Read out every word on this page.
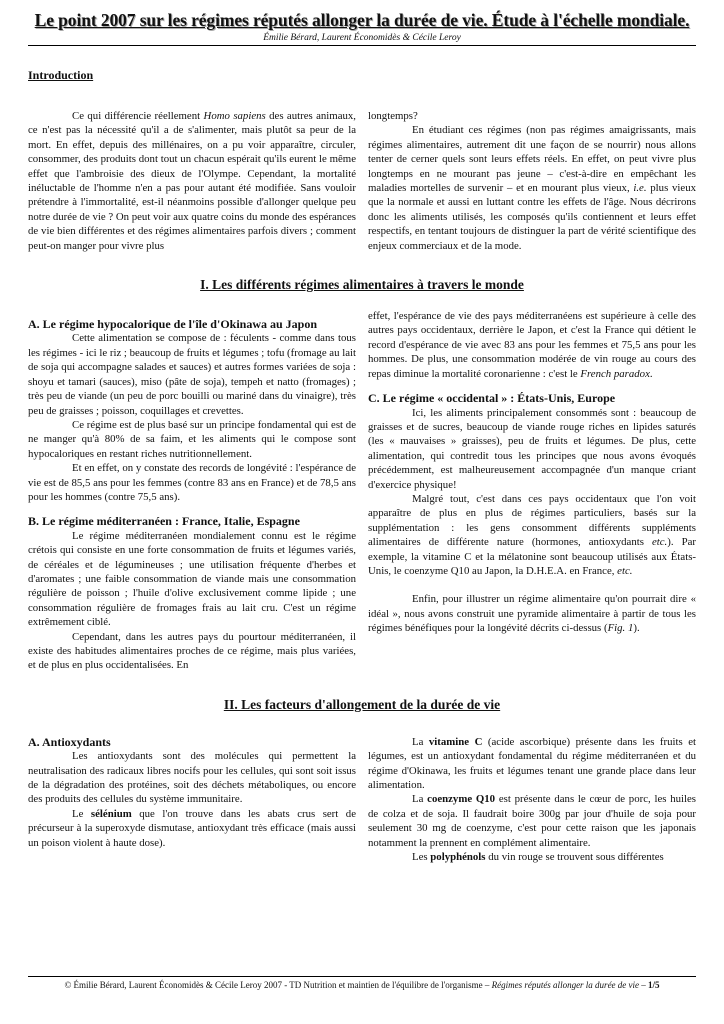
Le point 2007 sur les régimes réputés allonger la durée de vie. Étude à l'échelle mondiale.
Émilie Bérard, Laurent Économidès & Cécile Leroy
Introduction

Ce qui différencie réellement Homo sapiens des autres animaux, ce n'est pas la nécessité qu'il a de s'alimenter, mais plutôt sa peur de la mort. En effet, depuis des millénaires, on a pu voir apparaître, circuler, consommer, des produits dont tout un chacun espérait qu'ils eurent le même effet que l'ambroisie des dieux de l'Olympe. Cependant, la mortalité inéluctable de l'homme n'en a pas pour autant été modifiée. Sans vouloir prétendre à l'immortalité, est-il néanmoins possible d'allonger quelque peu notre durée de vie ? On peut voir aux quatre coins du monde des espérances de vie bien différentes et des régimes alimentaires parfois divers ; comment peut-on manger pour vivre plus

longtemps?

En étudiant ces régimes (non pas régimes amaigrissants, mais régimes alimentaires, autrement dit une façon de se nourrir) nous allons tenter de cerner quels sont leurs effets réels. En effet, on peut vivre plus longtemps en ne mourant pas jeune – c'est-à-dire en empêchant les maladies mortelles de survenir – et en mourant plus vieux, i.e. plus vieux que la normale et aussi en luttant contre les effets de l'âge. Nous décrirons donc les aliments utilisés, les composés qu'ils contiennent et leurs effet respectifs, en tentant toujours de distinguer la part de vérité scientifique des enjeux commerciaux et de la mode.

I. Les différents régimes alimentaires à travers le monde
A. Le régime hypocalorique de l'île d'Okinawa au Japon

Cette alimentation se compose de : féculents - comme dans tous les régimes - ici le riz ; beaucoup de fruits et légumes ; tofu (fromage au lait de soja qui accompagne salades et sauces) et autres formes variées de soja : shoyu et tamari (sauces), miso (pâte de soja), tempeh et natto (fromages) ; très peu de viande (un peu de porc bouilli ou mariné dans du vinaigre), très peu de graisses ; poisson, coquillages et crevettes.

Ce régime est de plus basé sur un principe fondamental qui est de ne manger qu'à 80% de sa faim, et les aliments qui le compose sont hypocaloriques en restant riches nutritionnellement.

Et en effet, on y constate des records de longévité : l'espérance de vie est de 85,5 ans pour les femmes (contre 83 ans en France) et de 78,5 ans pour les hommes (contre 75,5 ans).

B. Le régime méditerranéen : France, Italie, Espagne

Le régime méditerranéen mondialement connu est le régime crétois qui consiste en une forte consommation de fruits et légumes variés, de céréales et de légumineuses ; une utilisation fréquente d'herbes et d'aromates ; une faible consommation de viande mais une consommation régulière de poisson ; l'huile d'olive exclusivement comme lipide ; une consommation régulière de fromages frais au lait cru. C'est un régime extrêmement ciblé.

Cependant, dans les autres pays du pourtour méditerranéen, il existe des habitudes alimentaires proches de ce régime, mais plus variées, et de plus en plus occidentalisées. En

effet, l'espérance de vie des pays méditerranéens est supérieure à celle des autres pays occidentaux, derrière le Japon, et c'est la France qui détient le record d'espérance de vie avec 83 ans pour les femmes et 75,5 ans pour les hommes. De plus, une consommation modérée de vin rouge au cours des repas diminue la mortalité coronarienne : c'est le French paradox.

C. Le régime « occidental » : États-Unis, Europe

Ici, les aliments principalement consommés sont : beaucoup de graisses et de sucres, beaucoup de viande rouge riches en lipides saturés (les « mauvaises » graisses), peu de fruits et légumes. De plus, cette alimentation, qui contredit tous les principes que nous avons évoqués précédemment, est malheureusement accompagnée d'un manque criant d'exercice physique!

Malgré tout, c'est dans ces pays occidentaux que l'on voit apparaître de plus en plus de régimes particuliers, basés sur la supplémentation : les gens consomment différents suppléments alimentaires de différente nature (hormones, antioxydants etc.). Par exemple, la vitamine C et la mélatonine sont beaucoup utilisés aux États-Unis, le coenzyme Q10 au Japon, la D.H.E.A. en France, etc.

Enfin, pour illustrer un régime alimentaire qu'on pourrait dire « idéal », nous avons construit une pyramide alimentaire à partir de tous les régimes bénéfiques pour la longévité décrits ci-dessus (Fig. 1).

II. Les facteurs d'allongement de la durée de vie
A. Antioxydants

Les antioxydants sont des molécules qui permettent la neutralisation des radicaux libres nocifs pour les cellules, qui sont soit issus de la dégradation des protéines, soit des déchets métaboliques, ou encore des produits des cellules du système immunitaire.

Le sélénium que l'on trouve dans les abats crus sert de précurseur à la superoxyde dismutase, antioxydant très efficace (mais aussi un poison violent à haute dose).

La vitamine C (acide ascorbique) présente dans les fruits et légumes, est un antioxydant fondamental du régime méditerranéen et du régime d'Okinawa, les fruits et légumes tenant une grande place dans leur alimentation.

La coenzyme Q10 est présente dans le cœur de porc, les huiles de colza et de soja. Il faudrait boire 300g par jour d'huile de soja pour seulement 30 mg de coenzyme, c'est pour cette raison que les japonais notamment la prennent en complément alimentaire.

Les polyphénols du vin rouge se trouvent sous différentes

© Émilie Bérard, Laurent Économidès & Cécile Leroy 2007 - TD Nutrition et maintien de l'équilibre de l'organisme – Régimes réputés allonger la durée de vie – 1/5
